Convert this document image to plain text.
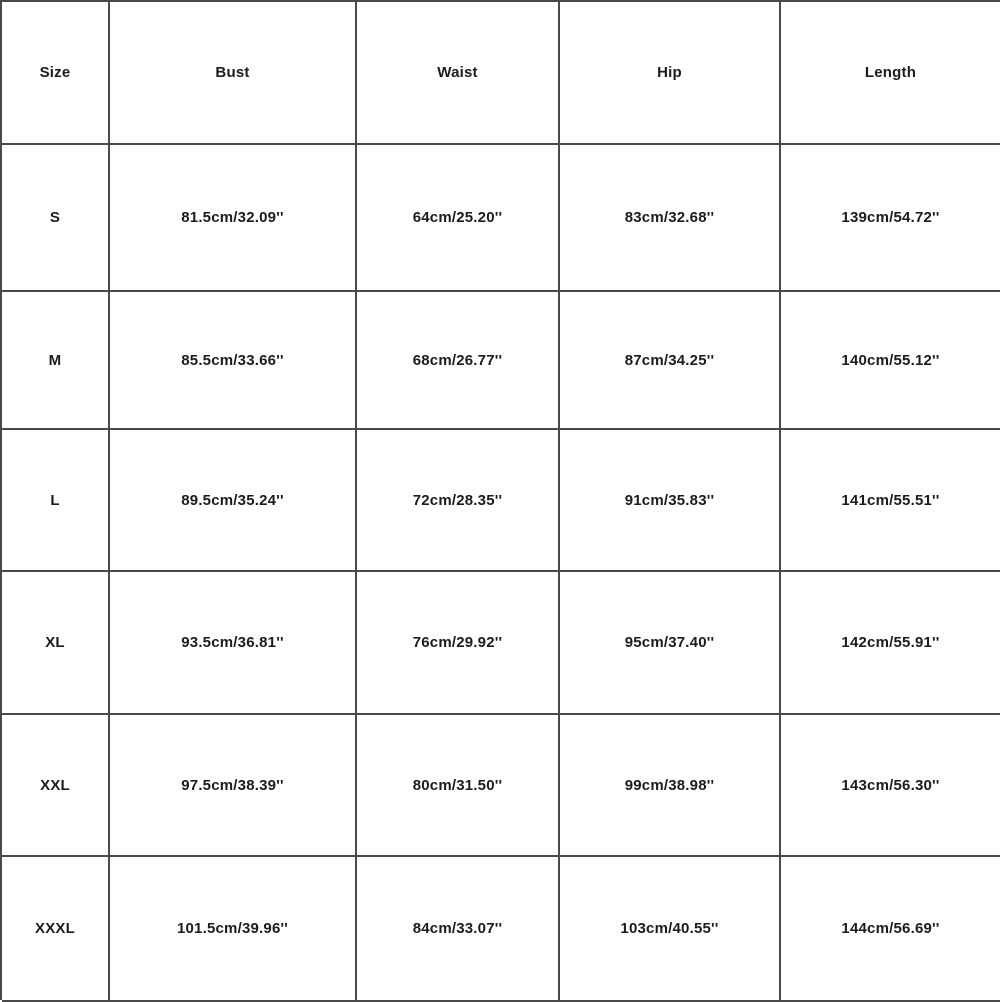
Size	Bust	Waist	Hip	Length
S	81.5cm/32.09''	64cm/25.20''	83cm/32.68''	139cm/54.72''
M	85.5cm/33.66''	68cm/26.77''	87cm/34.25''	140cm/55.12''
L	89.5cm/35.24''	72cm/28.35''	91cm/35.83''	141cm/55.51''
XL	93.5cm/36.81''	76cm/29.92''	95cm/37.40''	142cm/55.91''
XXL	97.5cm/38.39''	80cm/31.50''	99cm/38.98''	143cm/56.30''
XXXL	101.5cm/39.96''	84cm/33.07''	103cm/40.55''	144cm/56.69''
